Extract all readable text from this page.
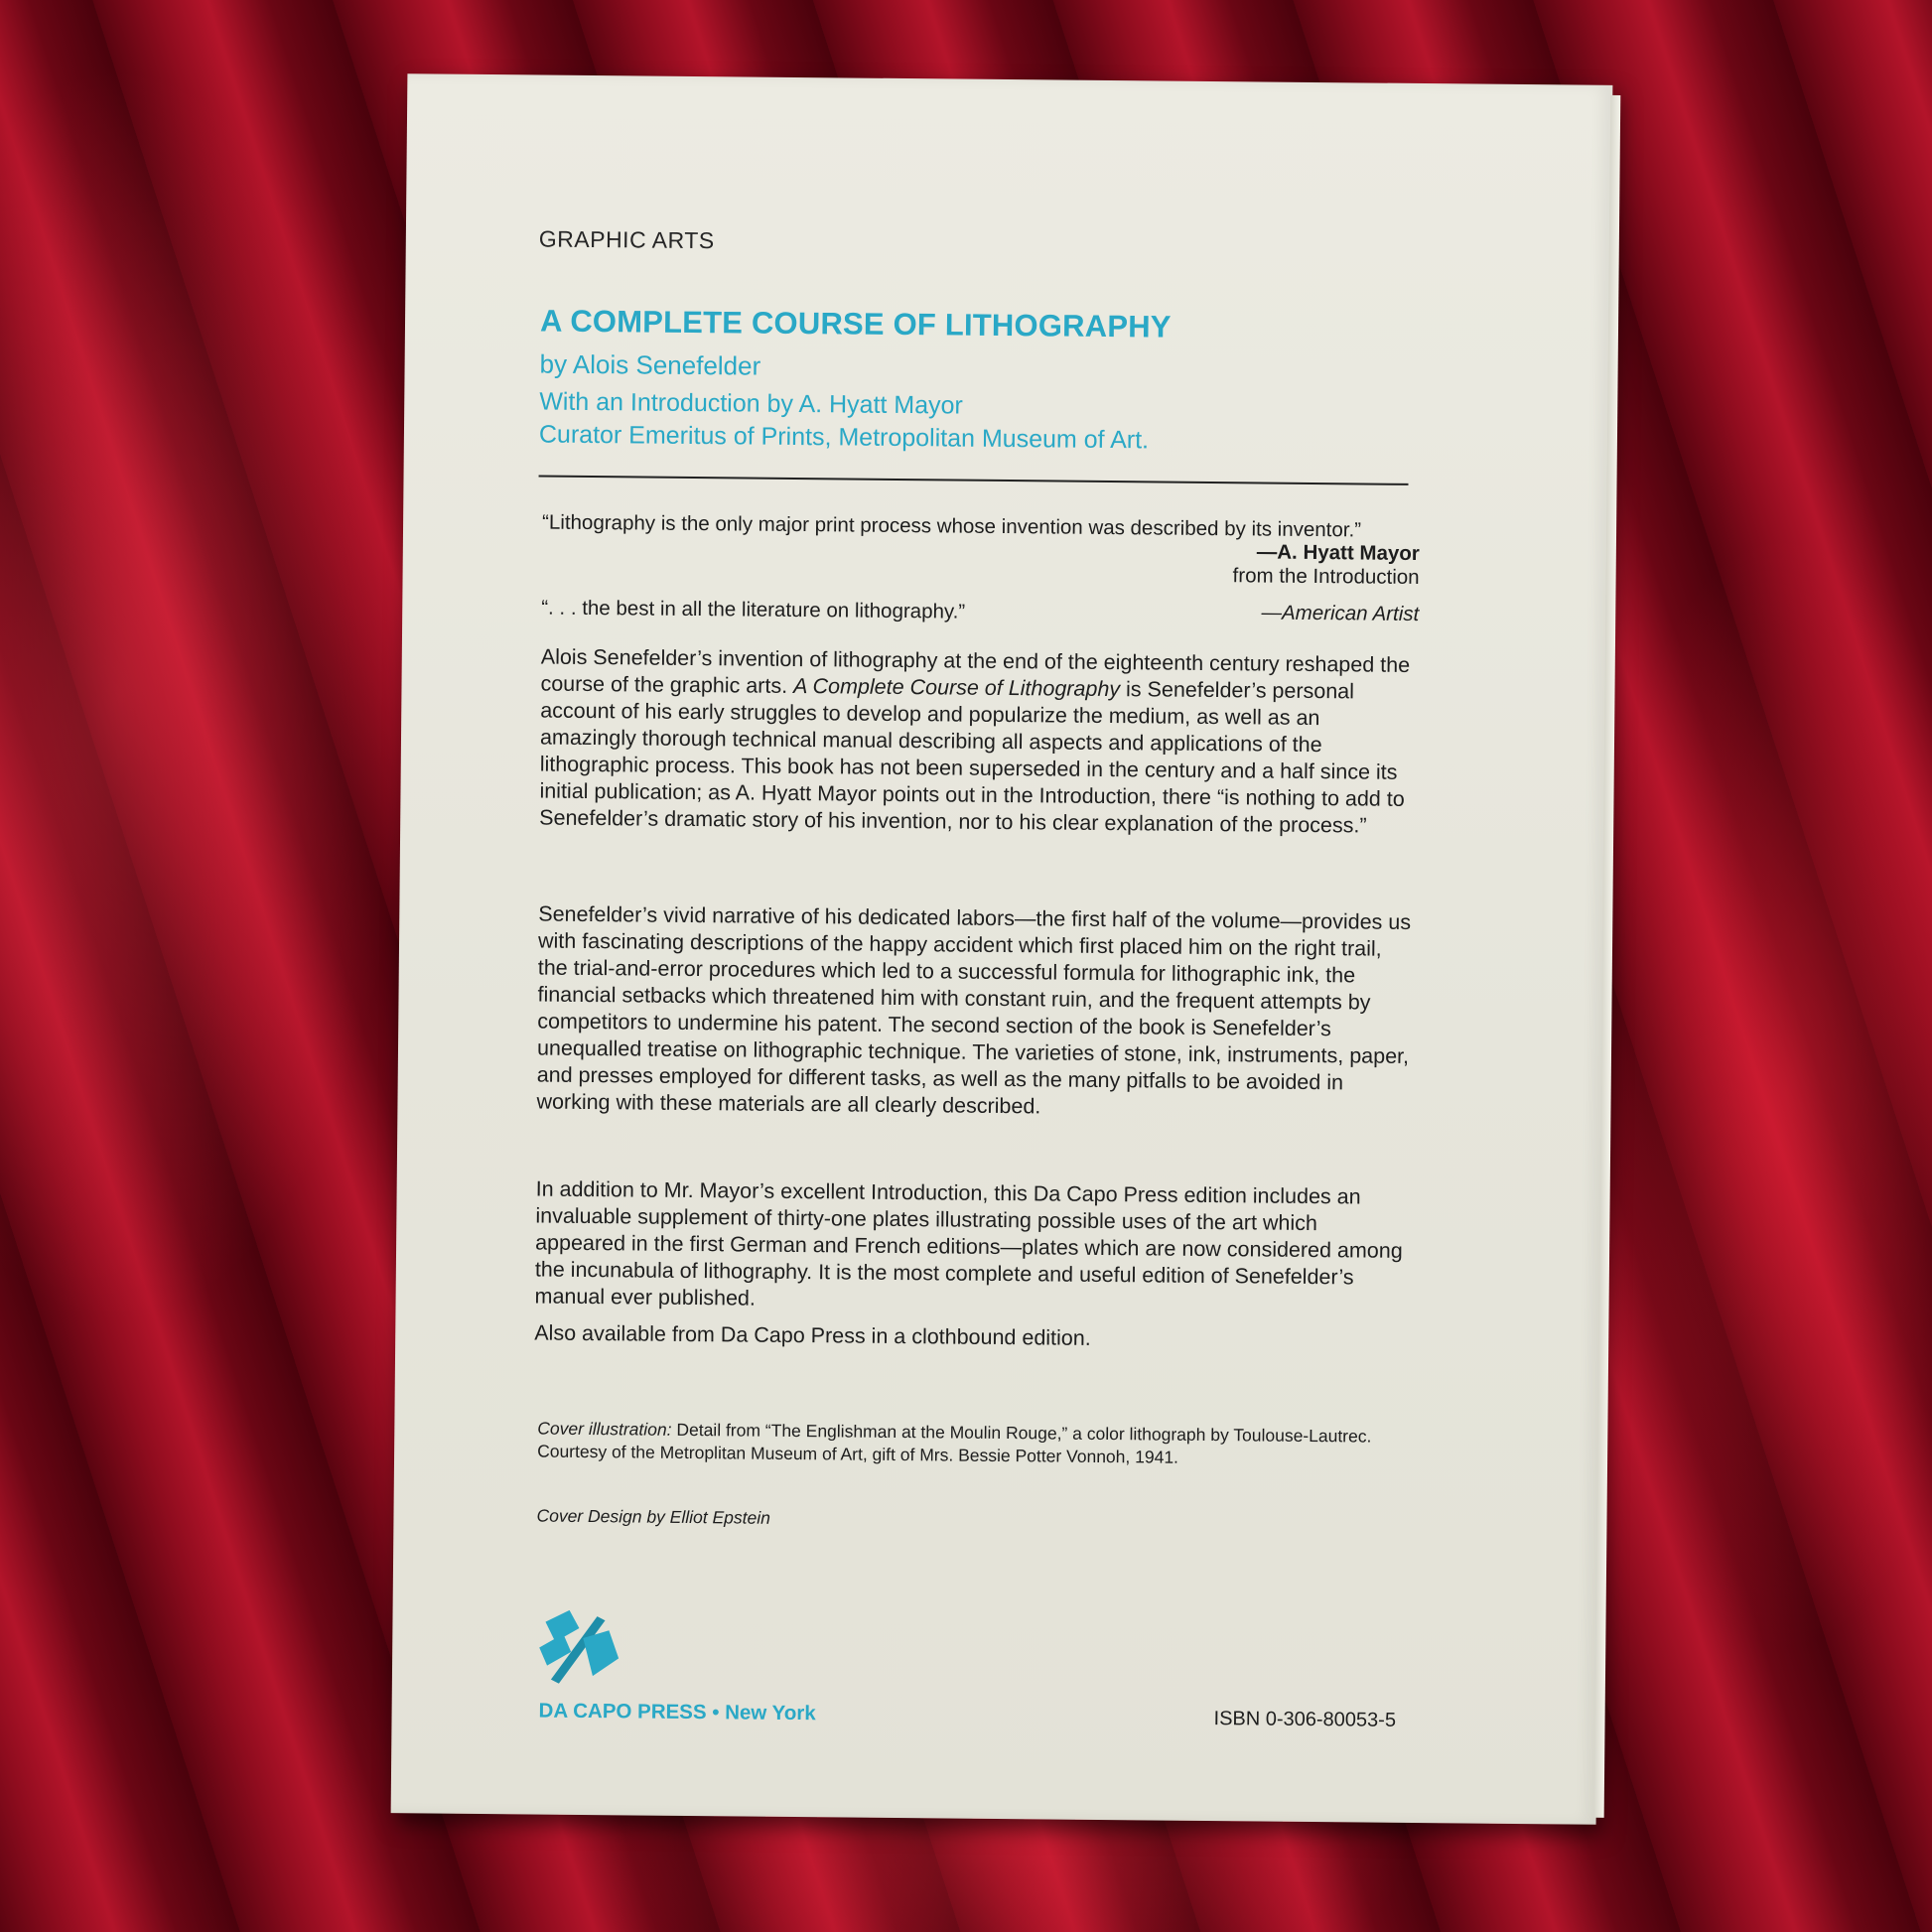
GRAPHIC ARTS
A COMPLETE COURSE OF LITHOGRAPHY
by Alois Senefelder
With an Introduction by A. Hyatt Mayor
Curator Emeritus of Prints, Metropolitan Museum of Art.
“Lithography is the only major print process whose invention was described by its inventor.”
—A. Hyatt Mayor
from the Introduction
“. . . the best in all the literature on lithography.”	—American Artist
Alois Senefelder’s invention of lithography at the end of the eighteenth century reshaped the course of the graphic arts. A Complete Course of Lithography is Senefelder’s personal account of his early struggles to develop and popularize the medium, as well as an amazingly thorough technical manual describing all aspects and applications of the lithographic process. This book has not been superseded in the century and a half since its initial publication; as A. Hyatt Mayor points out in the Introduction, there “is nothing to add to Senefelder’s dramatic story of his invention, nor to his clear explanation of the process.”
Senefelder’s vivid narrative of his dedicated labors—the first half of the volume—provides us with fascinating descriptions of the happy accident which first placed him on the right trail, the trial-and-error procedures which led to a successful formula for lithographic ink, the financial setbacks which threatened him with constant ruin, and the frequent attempts by competitors to undermine his patent. The second section of the book is Senefelder’s unequalled treatise on lithographic technique. The varieties of stone, ink, instruments, paper, and presses employed for different tasks, as well as the many pitfalls to be avoided in working with these materials are all clearly described.
In addition to Mr. Mayor’s excellent Introduction, this Da Capo Press edition includes an invaluable supplement of thirty-one plates illustrating possible uses of the art which appeared in the first German and French editions—plates which are now considered among the incunabula of lithography. It is the most complete and useful edition of Senefelder’s manual ever published.
Also available from Da Capo Press in a clothbound edition.
Cover illustration: Detail from “The Englishman at the Moulin Rouge,” a color lithograph by Toulouse-Lautrec. Courtesy of the Metroplitan Museum of Art, gift of Mrs. Bessie Potter Vonnoh, 1941.
Cover Design by Elliot Epstein
DA CAPO PRESS • New York	ISBN 0-306-80053-5
